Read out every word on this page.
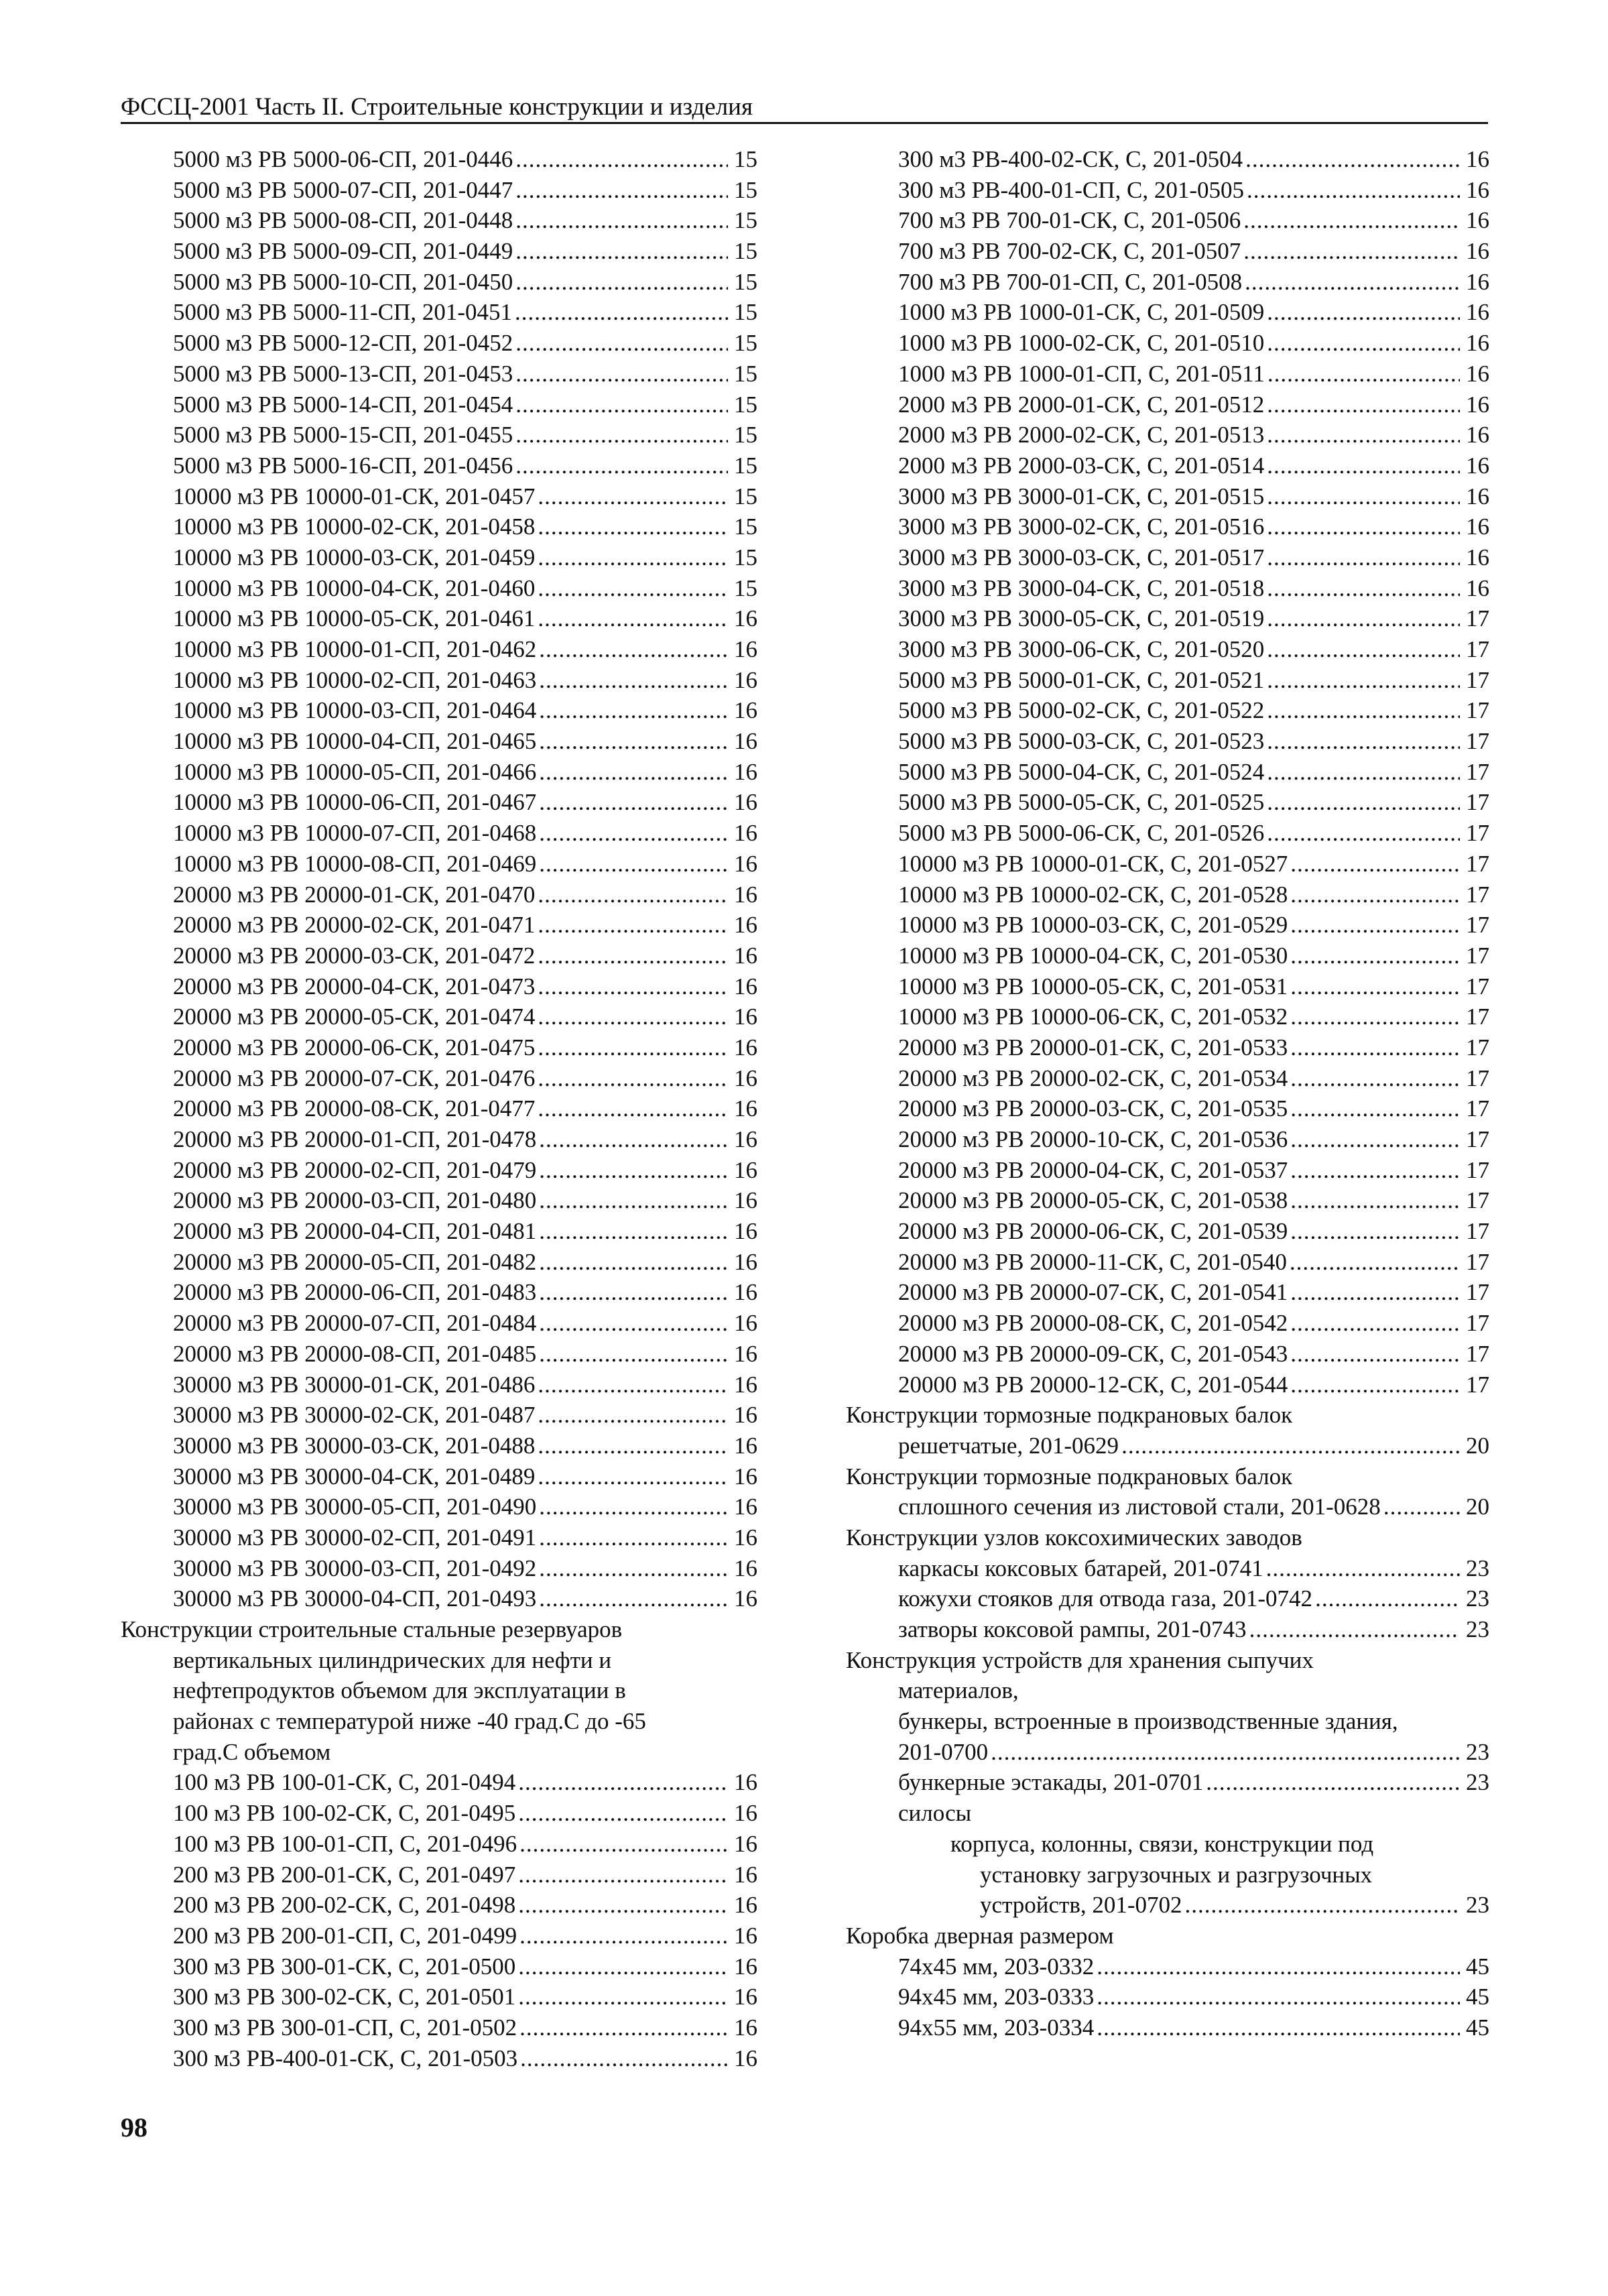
ФССЦ-2001 Часть II. Строительные конструкции и изделия
5000 м3 РВ 5000-06-СП, 201-0446 .....	15
5000 м3 РВ 5000-07-СП, 201-0447 .....	15
5000 м3 РВ 5000-08-СП, 201-0448 .....	15
5000 м3 РВ 5000-09-СП, 201-0449 .....	15
5000 м3 РВ 5000-10-СП, 201-0450 .....	15
5000 м3 РВ 5000-11-СП, 201-0451 .....	15
5000 м3 РВ 5000-12-СП, 201-0452 .....	15
5000 м3 РВ 5000-13-СП, 201-0453 .....	15
5000 м3 РВ 5000-14-СП, 201-0454 .....	15
5000 м3 РВ 5000-15-СП, 201-0455 .....	15
5000 м3 РВ 5000-16-СП, 201-0456 .....	15
10000 м3 РВ 10000-01-СК, 201-0457 .....	15
10000 м3 РВ 10000-02-СК, 201-0458 .....	15
10000 м3 РВ 10000-03-СК, 201-0459 .....	15
10000 м3 РВ 10000-04-СК, 201-0460 .....	15
10000 м3 РВ 10000-05-СК, 201-0461 .....	16
10000 м3 РВ 10000-01-СП, 201-0462 .....	16
10000 м3 РВ 10000-02-СП, 201-0463 .....	16
10000 м3 РВ 10000-03-СП, 201-0464 .....	16
10000 м3 РВ 10000-04-СП, 201-0465 .....	16
10000 м3 РВ 10000-05-СП, 201-0466 .....	16
10000 м3 РВ 10000-06-СП, 201-0467 .....	16
10000 м3 РВ 10000-07-СП, 201-0468 .....	16
10000 м3 РВ 10000-08-СП, 201-0469 .....	16
20000 м3 РВ 20000-01-СК, 201-0470 .....	16
20000 м3 РВ 20000-02-СК, 201-0471 .....	16
20000 м3 РВ 20000-03-СК, 201-0472 .....	16
20000 м3 РВ 20000-04-СК, 201-0473 .....	16
20000 м3 РВ 20000-05-СК, 201-0474 .....	16
20000 м3 РВ 20000-06-СК, 201-0475 .....	16
20000 м3 РВ 20000-07-СК, 201-0476 .....	16
20000 м3 РВ 20000-08-СК, 201-0477 .....	16
20000 м3 РВ 20000-01-СП, 201-0478 .....	16
20000 м3 РВ 20000-02-СП, 201-0479 .....	16
20000 м3 РВ 20000-03-СП, 201-0480 .....	16
20000 м3 РВ 20000-04-СП, 201-0481 .....	16
20000 м3 РВ 20000-05-СП, 201-0482 .....	16
20000 м3 РВ 20000-06-СП, 201-0483 .....	16
20000 м3 РВ 20000-07-СП, 201-0484 .....	16
20000 м3 РВ 20000-08-СП, 201-0485 .....	16
30000 м3 РВ 30000-01-СК, 201-0486 .....	16
30000 м3 РВ 30000-02-СК, 201-0487 .....	16
30000 м3 РВ 30000-03-СК, 201-0488 .....	16
30000 м3 РВ 30000-04-СК, 201-0489 .....	16
30000 м3 РВ 30000-05-СП, 201-0490 .....	16
30000 м3 РВ 30000-02-СП, 201-0491 .....	16
30000 м3 РВ 30000-03-СП, 201-0492 .....	16
30000 м3 РВ 30000-04-СП, 201-0493 .....	16
Конструкции строительные стальные резервуаров
вертикальных цилиндрических для нефти и
нефтепродуктов объемом для эксплуатации в
районах с температурой ниже -40 град.С до -65
град.С объемом
100 м3 РВ 100-01-СК, С, 201-0494 .....	16
100 м3 РВ 100-02-СК, С, 201-0495 .....	16
100 м3 РВ 100-01-СП, С, 201-0496 .....	16
200 м3 РВ 200-01-СК, С, 201-0497 .....	16
200 м3 РВ 200-02-СК, С, 201-0498 .....	16
200 м3 РВ 200-01-СП, С, 201-0499 .....	16
300 м3 РВ 300-01-СК, С, 201-0500 .....	16
300 м3 РВ 300-02-СК, С, 201-0501 .....	16
300 м3 РВ 300-01-СП, С, 201-0502 .....	16
300 м3 РВ-400-01-СК, С, 201-0503 .....	16
300 м3 РВ-400-02-СК, С, 201-0504 .....	16
300 м3 РВ-400-01-СП, С, 201-0505 .....	16
700 м3 РВ 700-01-СК, С, 201-0506 .....	16
700 м3 РВ 700-02-СК, С, 201-0507 .....	16
700 м3 РВ 700-01-СП, С, 201-0508 .....	16
1000 м3 РВ 1000-01-СК, С, 201-0509 .....	16
1000 м3 РВ 1000-02-СК, С, 201-0510 .....	16
1000 м3 РВ 1000-01-СП, С, 201-0511 .....	16
2000 м3 РВ 2000-01-СК, С, 201-0512 .....	16
2000 м3 РВ 2000-02-СК, С, 201-0513 .....	16
2000 м3 РВ 2000-03-СК, С, 201-0514 .....	16
3000 м3 РВ 3000-01-СК, С, 201-0515 .....	16
3000 м3 РВ 3000-02-СК, С, 201-0516 .....	16
3000 м3 РВ 3000-03-СК, С, 201-0517 .....	16
3000 м3 РВ 3000-04-СК, С, 201-0518 .....	16
3000 м3 РВ 3000-05-СК, С, 201-0519 .....	17
3000 м3 РВ 3000-06-СК, С, 201-0520 .....	17
5000 м3 РВ 5000-01-СК, С, 201-0521 .....	17
5000 м3 РВ 5000-02-СК, С, 201-0522 .....	17
5000 м3 РВ 5000-03-СК, С, 201-0523 .....	17
5000 м3 РВ 5000-04-СК, С, 201-0524 .....	17
5000 м3 РВ 5000-05-СК, С, 201-0525 .....	17
5000 м3 РВ 5000-06-СК, С, 201-0526 .....	17
10000 м3 РВ 10000-01-СК, С, 201-0527 .....	17
10000 м3 РВ 10000-02-СК, С, 201-0528 .....	17
10000 м3 РВ 10000-03-СК, С, 201-0529 .....	17
10000 м3 РВ 10000-04-СК, С, 201-0530 .....	17
10000 м3 РВ 10000-05-СК, С, 201-0531 .....	17
10000 м3 РВ 10000-06-СК, С, 201-0532 .....	17
20000 м3 РВ 20000-01-СК, С, 201-0533 .....	17
20000 м3 РВ 20000-02-СК, С, 201-0534 .....	17
20000 м3 РВ 20000-03-СК, С, 201-0535 .....	17
20000 м3 РВ 20000-10-СК, С, 201-0536 .....	17
20000 м3 РВ 20000-04-СК, С, 201-0537 .....	17
20000 м3 РВ 20000-05-СК, С, 201-0538 .....	17
20000 м3 РВ 20000-06-СК, С, 201-0539 .....	17
20000 м3 РВ 20000-11-СК, С, 201-0540 .....	17
20000 м3 РВ 20000-07-СК, С, 201-0541 .....	17
20000 м3 РВ 20000-08-СК, С, 201-0542 .....	17
20000 м3 РВ 20000-09-СК, С, 201-0543 .....	17
20000 м3 РВ 20000-12-СК, С, 201-0544 .....	17
Конструкции тормозные подкрановых балок
решетчатые, 201-0629 .....	20
Конструкции тормозные подкрановых балок
сплошного сечения из листовой стали, 201-0628 .....	20
Конструкции узлов коксохимических заводов
каркасы коксовых батарей, 201-0741 .....	23
кожухи стояков для отвода газа, 201-0742 .....	23
затворы коксовой рампы, 201-0743 .....	23
Конструкция устройств для хранения сыпучих
материалов,
бункеры, встроенные в производственные здания,
201-0700 .....	23
бункерные эстакады, 201-0701 .....	23
силосы
корпуса, колонны, связи, конструкции под
установку загрузочных и разгрузочных
устройств, 201-0702 .....	23
Коробка дверная размером
74х45 мм, 203-0332 .....	45
94х45 мм, 203-0333 .....	45
94х55 мм, 203-0334 .....	45
98
